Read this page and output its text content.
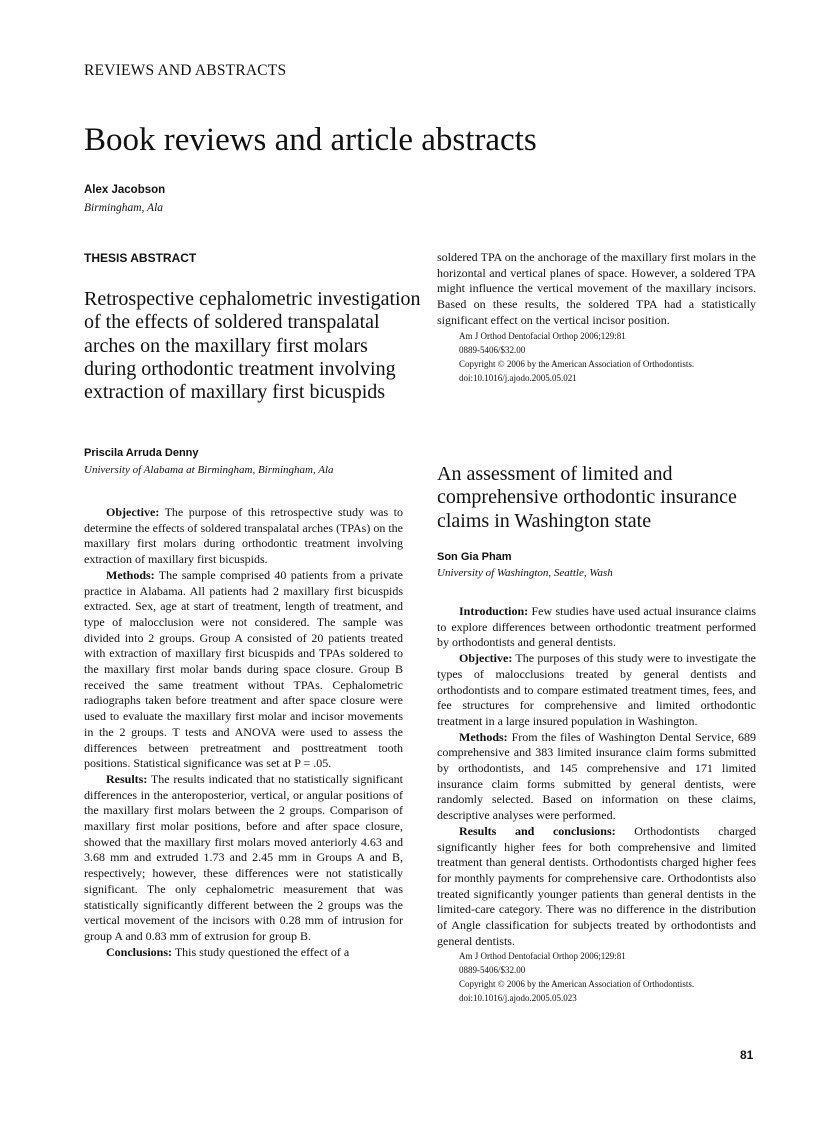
REVIEWS AND ABSTRACTS
Book reviews and article abstracts
Alex Jacobson
Birmingham, Ala
THESIS ABSTRACT
Retrospective cephalometric investigation of the effects of soldered transpalatal arches on the maxillary first molars during orthodontic treatment involving extraction of maxillary first bicuspids
Priscila Arruda Denny
University of Alabama at Birmingham, Birmingham, Ala

Objective: The purpose of this retrospective study was to determine the effects of soldered transpalatal arches (TPAs) on the maxillary first molars during orthodontic treatment involving extraction of maxillary first bicuspids.

Methods: The sample comprised 40 patients from a private practice in Alabama. All patients had 2 maxillary first bicuspids extracted. Sex, age at start of treatment, length of treatment, and type of malocclusion were not considered. The sample was divided into 2 groups. Group A consisted of 20 patients treated with extraction of maxillary first bicuspids and TPAs soldered to the maxillary first molar bands during space closure. Group B received the same treatment without TPAs. Cephalometric radiographs taken before treatment and after space closure were used to evaluate the maxillary first molar and incisor movements in the 2 groups. T tests and ANOVA were used to assess the differences between pretreatment and posttreatment tooth positions. Statistical significance was set at P = .05.

Results: The results indicated that no statistically significant differences in the anteroposterior, vertical, or angular positions of the maxillary first molars between the 2 groups. Comparison of maxillary first molar positions, before and after space closure, showed that the maxillary first molars moved anteriorly 4.63 and 3.68 mm and extruded 1.73 and 2.45 mm in Groups A and B, respectively; however, these differences were not statistically significant. The only cephalometric measurement that was statistically significantly different between the 2 groups was the vertical movement of the incisors with 0.28 mm of intrusion for group A and 0.83 mm of extrusion for group B.

Conclusions: This study questioned the effect of a

soldered TPA on the anchorage of the maxillary first molars in the horizontal and vertical planes of space. However, a soldered TPA might influence the vertical movement of the maxillary incisors. Based on these results, the soldered TPA had a statistically significant effect on the vertical incisor position.

Am J Orthod Dentofacial Orthop 2006;129:81

0889-5406/$32.00

Copyright © 2006 by the American Association of Orthodontists.

doi:10.1016/j.ajodo.2005.05.021

An assessment of limited and comprehensive orthodontic insurance claims in Washington state
Son Gia Pham
University of Washington, Seattle, Wash

Introduction: Few studies have used actual insurance claims to explore differences between orthodontic treatment performed by orthodontists and general dentists.

Objective: The purposes of this study were to investigate the types of malocclusions treated by general dentists and orthodontists and to compare estimated treatment times, fees, and fee structures for comprehensive and limited orthodontic treatment in a large insured population in Washington.

Methods: From the files of Washington Dental Service, 689 comprehensive and 383 limited insurance claim forms submitted by orthodontists, and 145 comprehensive and 171 limited insurance claim forms submitted by general dentists, were randomly selected. Based on information on these claims, descriptive analyses were performed.

Results and conclusions: Orthodontists charged significantly higher fees for both comprehensive and limited treatment than general dentists. Orthodontists charged higher fees for monthly payments for comprehensive care. Orthodontists also treated significantly younger patients than general dentists in the limited-care category. There was no difference in the distribution of Angle classification for subjects treated by orthodontists and general dentists.

Am J Orthod Dentofacial Orthop 2006;129:81

0889-5406/$32.00

Copyright © 2006 by the American Association of Orthodontists.

doi:10.1016/j.ajodo.2005.05.023

81
